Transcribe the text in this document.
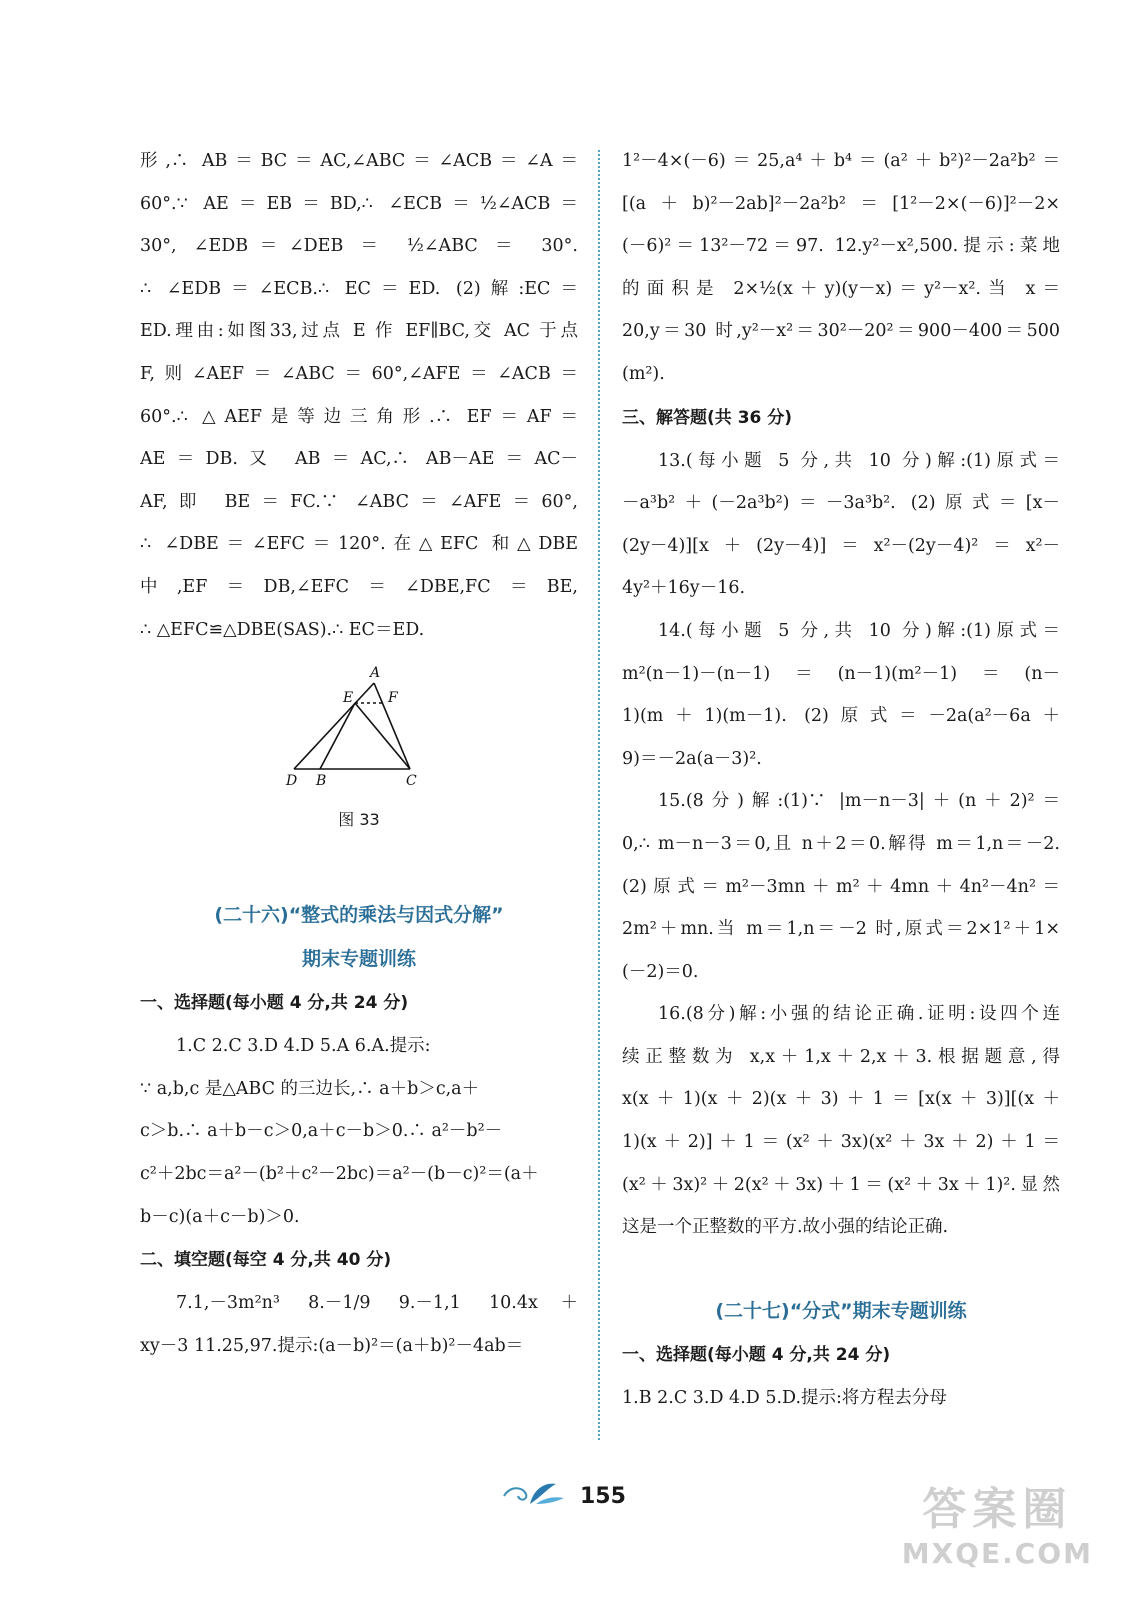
形,∴ AB＝BC＝AC,∠ABC＝∠ACB＝∠A＝
60°.∵ AE＝EB＝BD,∴ ∠ECB＝½∠ACB＝
30°, ∠EDB＝∠DEB ＝ ½∠ABC ＝ 30°.
∴ ∠EDB＝∠ECB.∴ EC＝ED. (2)解:EC＝
ED.理由:如图33,过点 E 作 EF∥BC,交 AC 于点
F,则∠AEF＝∠ABC＝60°,∠AFE＝∠ACB＝
60°.∴ △AEF是等边三角形.∴ EF＝AF＝
AE＝DB.又 AB＝AC,∴ AB－AE＝AC－
AF,即 BE＝FC.∵ ∠ABC＝∠AFE＝60°,
∴ ∠DBE＝∠EFC＝120°.在△EFC 和△DBE
中,EF＝DB,∠EFC＝∠DBE,FC＝BE,
∴ △EFC≌△DBE(SAS).∴ EC＝ED.
A
E F
D B	C
图 33
(二十六)“整式的乘法与因式分解”
期末专题训练
一、选择题(每小题 4 分,共 24 分)
1.C 2.C 3.D 4.D 5.A 6.A.提示:
∵ a,b,c 是△ABC 的三边长,∴ a＋b＞c,a＋
c＞b.∴ a＋b－c＞0,a＋c－b＞0.∴ a²－b²－
c²＋2bc＝a²－(b²＋c²－2bc)＝a²－(b－c)²＝(a＋
b－c)(a＋c－b)＞0.
二、填空题(每空 4 分,共 40 分)
7.1,－3m²n³ 8.－1/9 9.－1,1 10.4x＋
xy－3 11.25,97.提示:(a－b)²＝(a＋b)²－4ab＝
1²－4×(－6)＝25,a⁴＋b⁴＝(a²＋b²)²－2a²b²＝
[(a＋b)²－2ab]²－2a²b²＝[1²－2×(－6)]²－2×
(－6)²＝13²－72＝97. 12.y²－x²,500.提示:菜地
的面积是 2×½(x＋y)(y－x)＝y²－x².当 x＝
20,y＝30 时,y²－x²＝30²－20²＝900－400＝500
(m²).
三、解答题(共 36 分)
13.(每小题 5 分,共 10 分)解:(1)原式＝
－a³b²＋(－2a³b²)＝－3a³b². (2)原式＝[x－
(2y－4)][x＋(2y－4)]＝x²－(2y－4)²＝x²－
4y²＋16y－16.
14.(每小题 5 分,共 10 分)解:(1)原式＝
m²(n－1)－(n－1)＝(n－1)(m²－1)＝(n－
1)(m＋1)(m－1). (2)原式＝－2a(a²－6a＋
9)＝－2a(a－3)².
15.(8分)解:(1)∵ |m－n－3|＋(n＋2)²＝
0,∴ m－n－3＝0,且 n＋2＝0.解得 m＝1,n＝－2.
(2)原式＝m²－3mn＋m²＋4mn＋4n²－4n²＝
2m²＋mn.当 m＝1,n＝－2 时,原式＝2×1²＋1×
(－2)＝0.
16.(8分)解:小强的结论正确.证明:设四个连
续正整数为 x,x＋1,x＋2,x＋3.根据题意,得
x(x＋1)(x＋2)(x＋3)＋1＝[x(x＋3)][(x＋
1)(x＋2)]＋1＝(x²＋3x)(x²＋3x＋2)＋1＝
(x²＋3x)²＋2(x²＋3x)＋1＝(x²＋3x＋1)².显然
这是一个正整数的平方.故小强的结论正确.
(二十七)“分式”期末专题训练
一、选择题(每小题 4 分,共 24 分)
1.B 2.C 3.D 4.D 5.D.提示:将方程去分母
155	答案圈
MXQE.COM
